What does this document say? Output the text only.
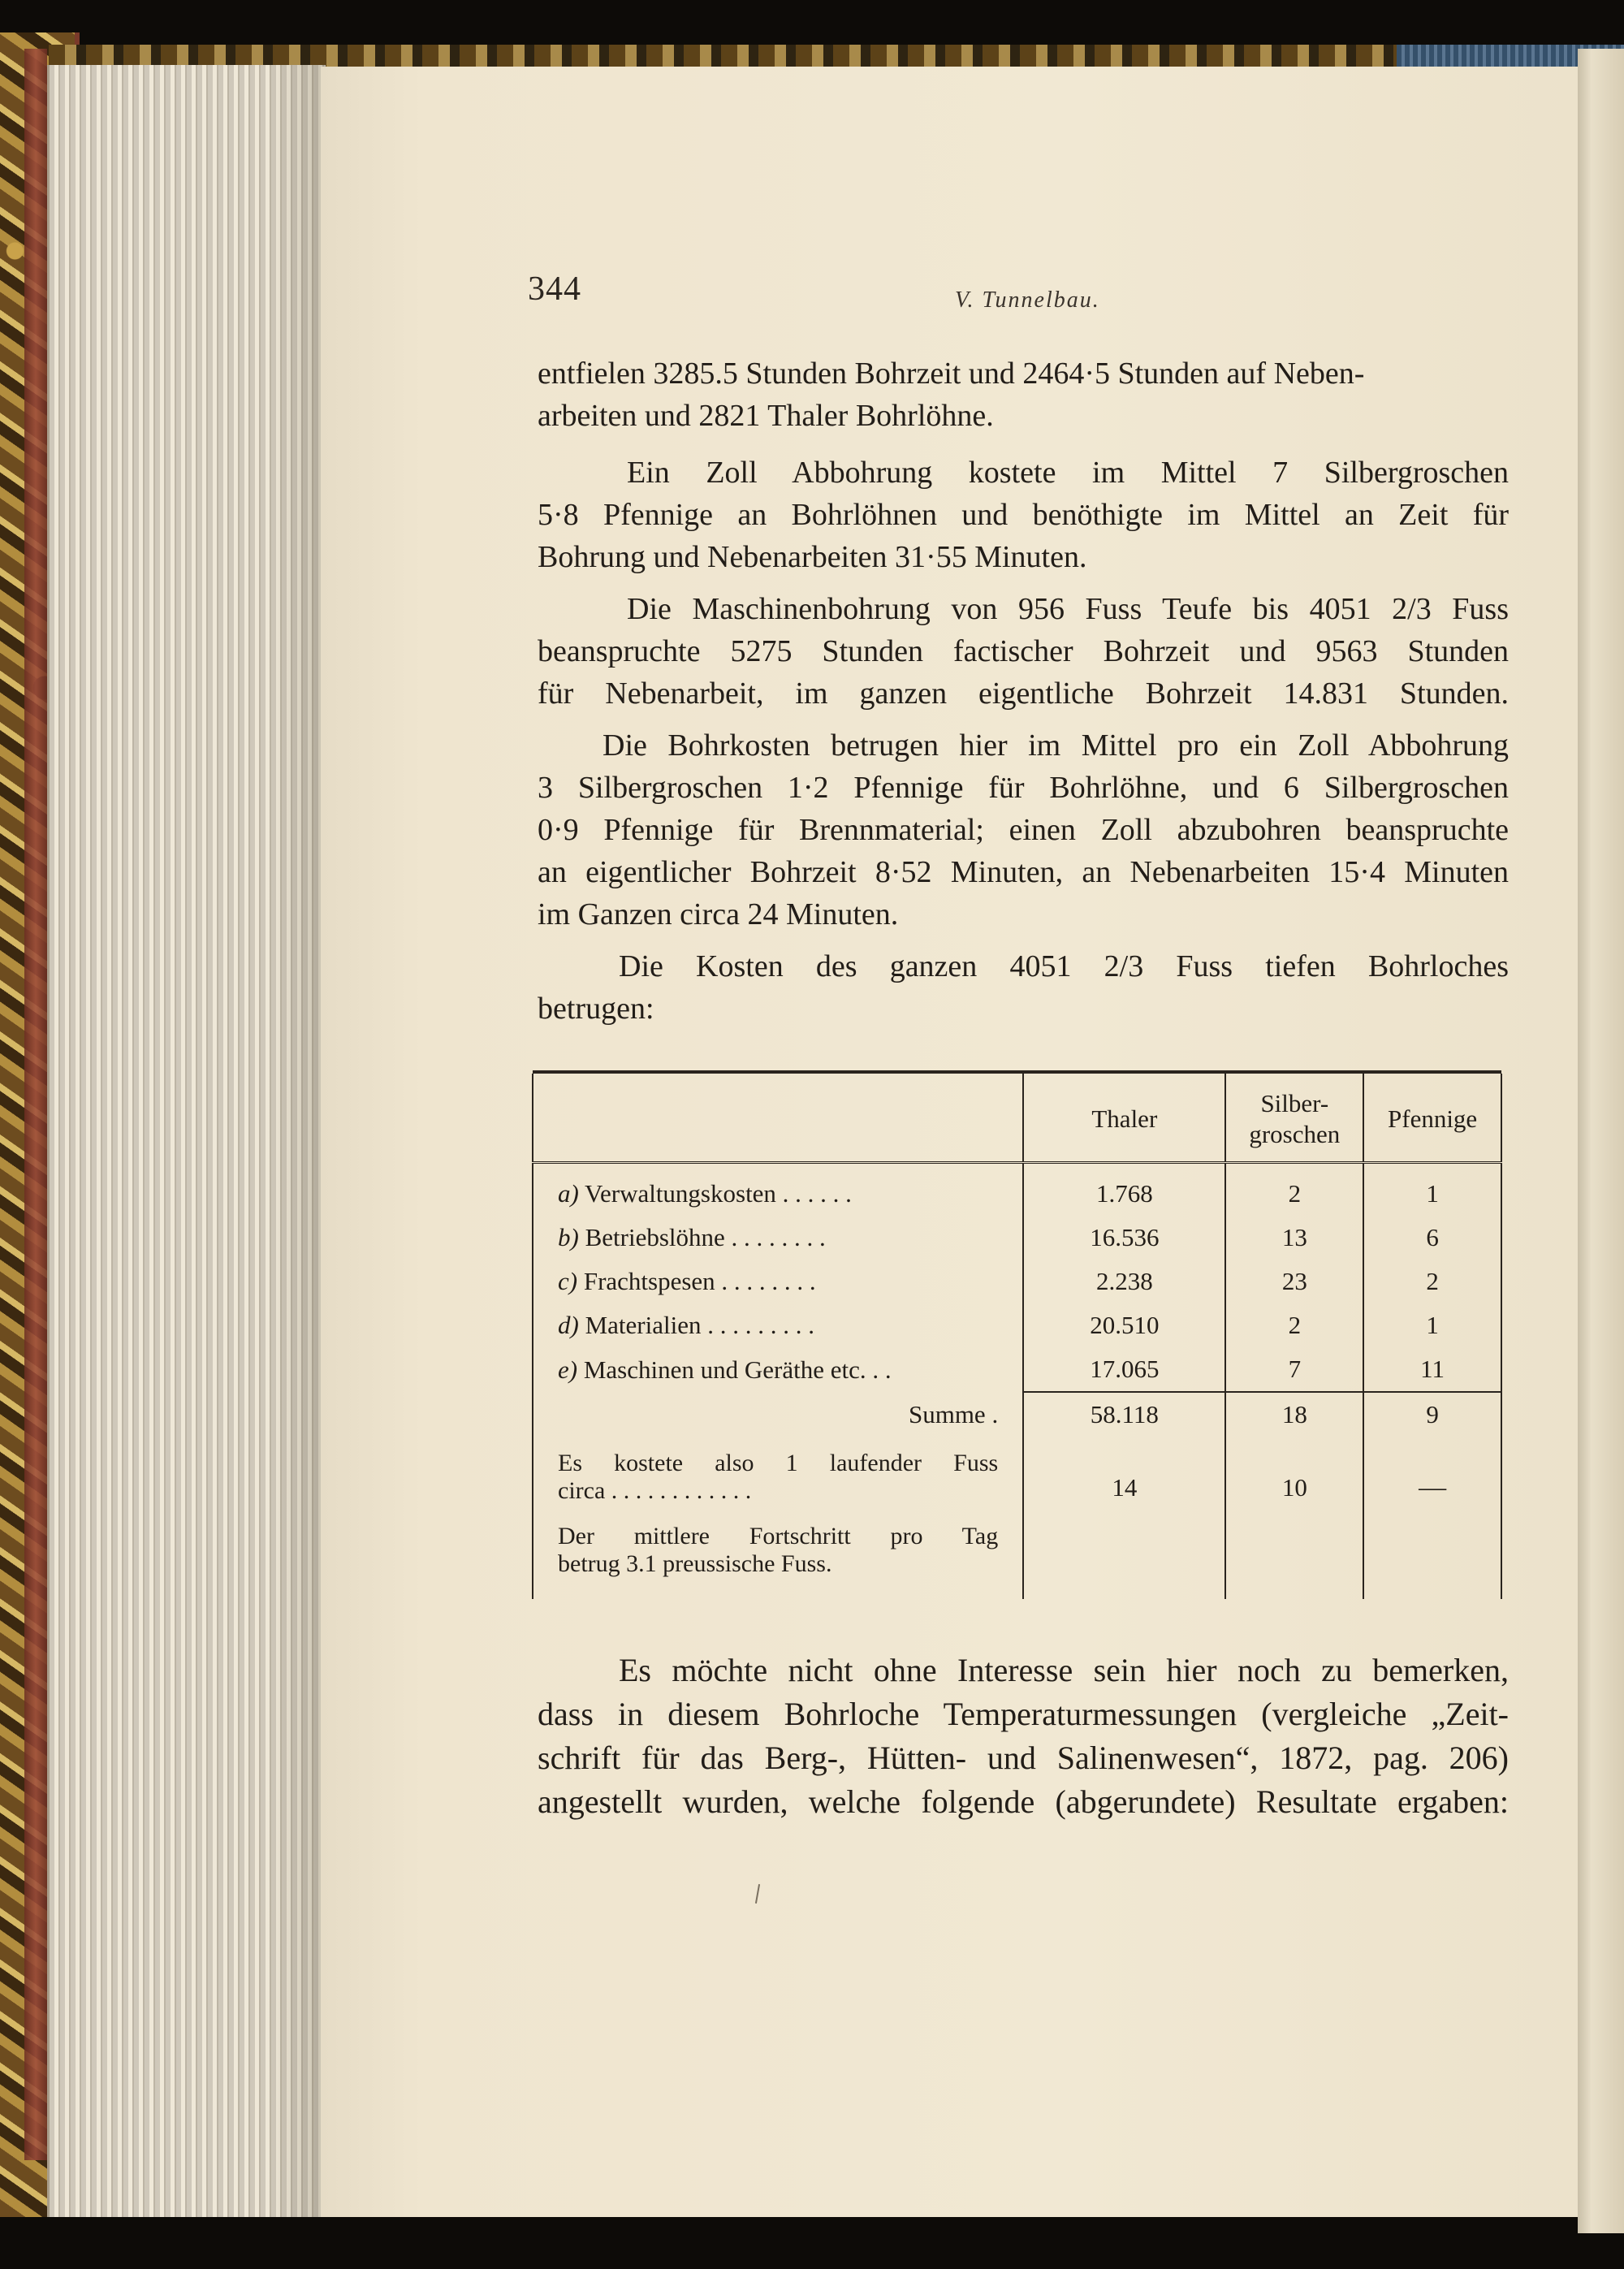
344	V. Tunnelbau.

entfielen 3285.5 Stunden Bohrzeit und 2464·5 Stunden auf Neben-
arbeiten und 2821 Thaler Bohrlöhne.

Ein Zoll Abbohrung kostete im Mittel 7 Silbergroschen
5·8 Pfennige an Bohrlöhnen und benöthigte im Mittel an Zeit für
Bohrung und Nebenarbeiten 31·55 Minuten.

Die Maschinenbohrung von 956 Fuss Teufe bis 4051 2/3 Fuss
beanspruchte 5275 Stunden factischer Bohrzeit und 9563 Stunden
für Nebenarbeit, im ganzen eigentliche Bohrzeit 14.831 Stunden.

Die Bohrkosten betrugen hier im Mittel pro ein Zoll Abbohrung
3 Silbergroschen 1·2 Pfennige für Bohrlöhne, und 6 Silbergroschen
0·9 Pfennige für Brennmaterial; einen Zoll abzubohren beanspruchte
an eigentlicher Bohrzeit 8·52 Minuten, an Nebenarbeiten 15·4 Minuten
im Ganzen circa 24 Minuten.

Die Kosten des ganzen 4051 2/3 Fuss tiefen Bohrloches
betrugen:

	Thaler	Silber-
groschen	Pfennige
a) Verwaltungskosten . . . . . .	1.768	2	1
b) Betriebslöhne . . . . . . . .	16.536	13	6
c) Frachtspesen . . . . . . . .	2.238	23	2
d) Materialien . . . . . . . . .	20.510	2	1
e) Maschinen und Geräthe etc. . .	17.065	7	11
Summe .	58.118	18	9

Es kostete also 1 laufender Fuss
circa . . . . . . . . . . . .	14	10	—

Der mittlere Fortschritt pro Tag
betrug 3.1 preussische Fuss.			

Es möchte nicht ohne Interesse sein hier noch zu bemerken,
dass in diesem Bohrloche Temperaturmessungen (vergleiche „Zeit-
schrift für das Berg-, Hütten- und Salinenwesen“, 1872, pag. 206)
angestellt wurden, welche folgende (abgerundete) Resultate ergaben:
